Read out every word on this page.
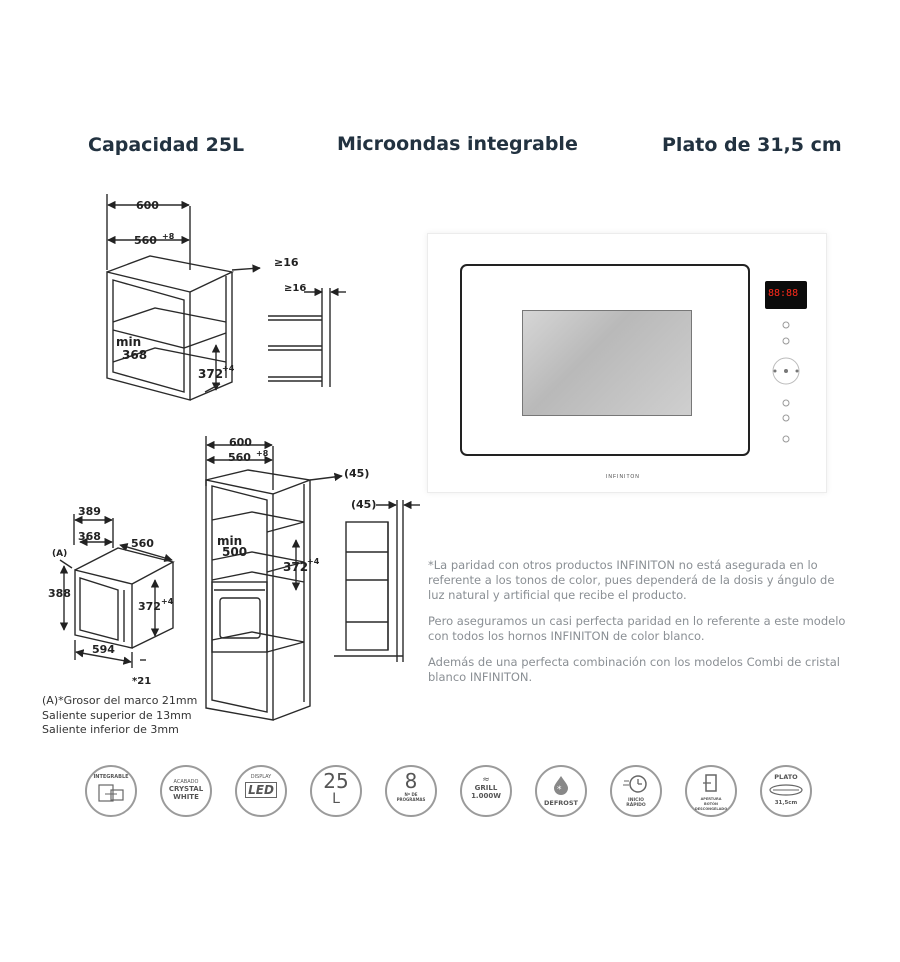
Capacidad 25L	Microondas integrable	Plato de 31,5 cm
600
560 +8
≥16
≥16
min
368
372
+4
600
560 +8
(45)
(45)
min
500
372
+4
389
368
560
(A)
388
372 +4
594
*21
(A)*Grosor del marco 21mm
Saliente superior de 13mm
Saliente inferior de 3mm
88:88
INFINITON

*La paridad con otros productos INFINITON no está asegurada en lo referente a los tonos de color, pues dependerá de la dosis y ángulo de luz natural y artificial que recibe el producto.

Pero aseguramos un casi perfecta paridad en lo referente a este modelo con todos los hornos INFINITON de color blanco.

Además de una perfecta combinación con los modelos Combi de cristal blanco INFINITON.

INTEGRABLE
ACABADO
CRYSTAL
WHITE
DISPLAY
LED	25
L
8
Nº DE
PROGRAMAS
≈
GRILL
1.000W
*
DEFROST	INICIO
RÁPIDO
APERTURA
BOTÓN
DESCONGELADO
PLATO
31,5cm
